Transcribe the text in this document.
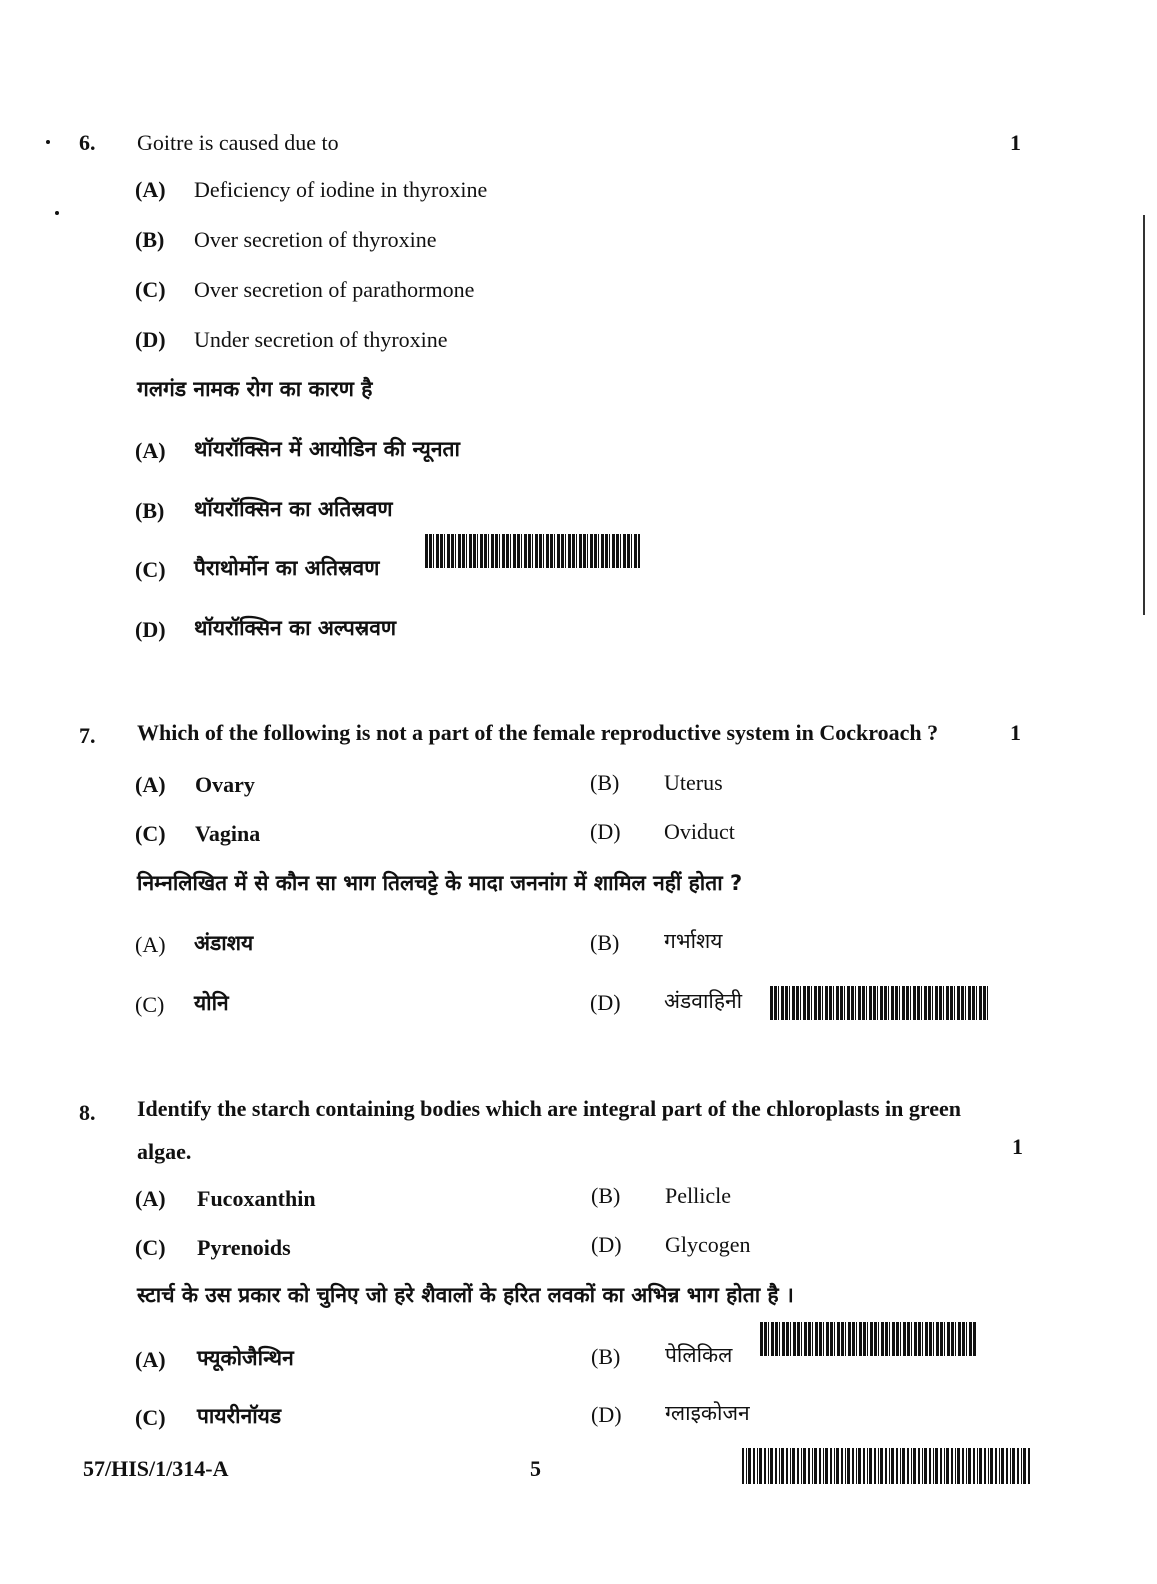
6. Goitre is caused due to	1
(A) Deficiency of iodine in thyroxine
(B) Over secretion of thyroxine
(C) Over secretion of parathormone
(D) Under secretion of thyroxine
गलगंड नामक रोग का कारण है
(A) थॉयरॉक्सिन में आयोडिन की न्यूनता
(B) थॉयरॉक्सिन का अतिस्रवण
(C) पैराथोर्मोन का अतिस्रवण
(D) थॉयरॉक्सिन का अल्पस्रवण
7. Which of the following is not a part of the female reproductive system in Cockroach ?	1
(A) Ovary	(B) Uterus
(C) Vagina	(D) Oviduct
निम्नलिखित में से कौन सा भाग तिलचट्टे के मादा जननांग में शामिल नहीं होता ?
(A) अंडाशय	(B) गर्भाशय
(C) योनि	(D) अंडवाहिनी
8. Identify the starch containing bodies which are integral part of the chloroplasts in green
algae.	1
(A) Fucoxanthin	(B) Pellicle
(C) Pyrenoids	(D) Glycogen
स्टार्च के उस प्रकार को चुनिए जो हरे शैवालों के हरित लवकों का अभिन्न भाग होता है ।
(A) फ्यूकोजैन्थिन	(B) पेलिकिल
(C) पायरीनॉयड	(D) ग्लाइकोजन
57/HIS/1/314-A	5
